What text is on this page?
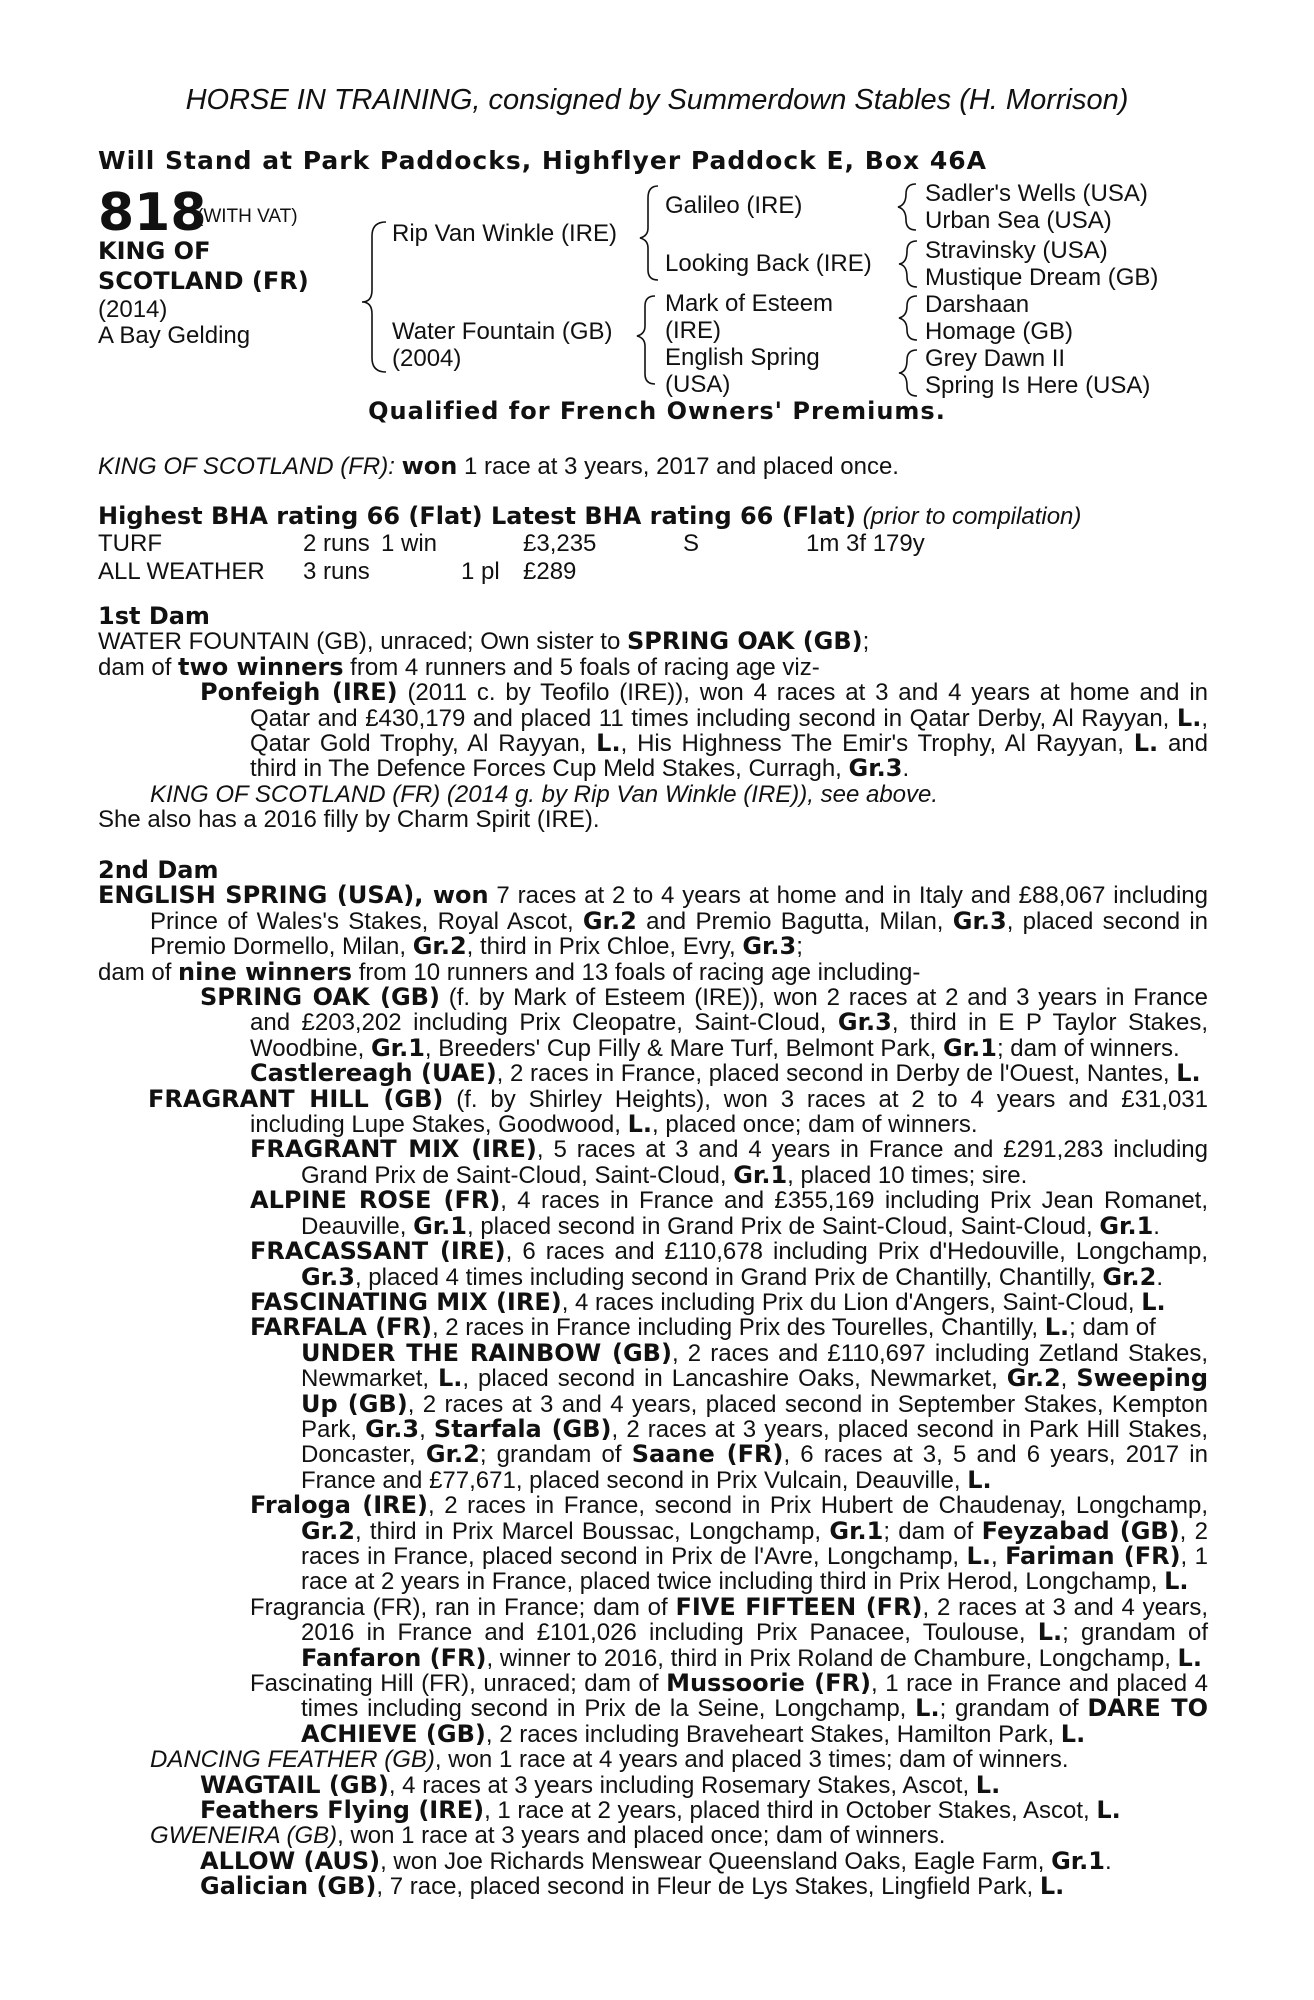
HORSE IN TRAINING, consigned by Summerdown Stables (H. Morrison)
Will Stand at Park Paddocks, Highflyer Paddock E, Box 46A
818
(WITH VAT)
KING OF
SCOTLAND (FR)
(2014)
A Bay Gelding
Rip Van Winkle (IRE)
Water Fountain (GB)
(2004)
Galileo (IRE)
Looking Back (IRE)
Mark of Esteem
(IRE)
English Spring
(USA)
Sadler's Wells (USA)
Urban Sea (USA)
Stravinsky (USA)
Mustique Dream (GB)
Darshaan
Homage (GB)
Grey Dawn II
Spring Is Here (USA)
Qualified for French Owners' Premiums.
KING OF SCOTLAND (FR): won 1 race at 3 years, 2017 and placed once.
Highest BHA rating 66 (Flat) Latest BHA rating 66 (Flat) (prior to compilation)
TURF	2 runs	1 win		£3,235	S	1m 3f 179y
ALL WEATHER	3 runs		1 pl	£289		
1st Dam

WATER FOUNTAIN (GB), unraced; Own sister to SPRING OAK (GB);

dam of two winners from 4 runners and 5 foals of racing age viz-

Ponfeigh (IRE) (2011 c. by Teofilo (IRE)), won 4 races at 3 and 4 years at home and in Qatar and £430,179 and placed 11 times including second in Qatar Derby, Al Rayyan, L., Qatar Gold Trophy, Al Rayyan, L., His Highness The Emir's Trophy, Al Rayyan, L. and third in The Defence Forces Cup Meld Stakes, Curragh, Gr.3.

KING OF SCOTLAND (FR) (2014 g. by Rip Van Winkle (IRE)), see above.

She also has a 2016 filly by Charm Spirit (IRE).

2nd Dam

ENGLISH SPRING (USA), won 7 races at 2 to 4 years at home and in Italy and £88,067 including Prince of Wales's Stakes, Royal Ascot, Gr.2 and Premio Bagutta, Milan, Gr.3, placed second in Premio Dormello, Milan, Gr.2, third in Prix Chloe, Evry, Gr.3;

dam of nine winners from 10 runners and 13 foals of racing age including-

SPRING OAK (GB) (f. by Mark of Esteem (IRE)), won 2 races at 2 and 3 years in France and £203,202 including Prix Cleopatre, Saint-Cloud, Gr.3, third in E P Taylor Stakes, Woodbine, Gr.1, Breeders' Cup Filly & Mare Turf, Belmont Park, Gr.1; dam of winners.

Castlereagh (UAE), 2 races in France, placed second in Derby de l'Ouest, Nantes, L.

FRAGRANT HILL (GB) (f. by Shirley Heights), won 3 races at 2 to 4 years and £31,031 including Lupe Stakes, Goodwood, L., placed once; dam of winners.

FRAGRANT MIX (IRE), 5 races at 3 and 4 years in France and £291,283 including Grand Prix de Saint-Cloud, Saint-Cloud, Gr.1, placed 10 times; sire.

ALPINE ROSE (FR), 4 races in France and £355,169 including Prix Jean Romanet, Deauville, Gr.1, placed second in Grand Prix de Saint-Cloud, Saint-Cloud, Gr.1.

FRACASSANT (IRE), 6 races and £110,678 including Prix d'Hedouville, Longchamp, Gr.3, placed 4 times including second in Grand Prix de Chantilly, Chantilly, Gr.2.

FASCINATING MIX (IRE), 4 races including Prix du Lion d'Angers, Saint-Cloud, L.

FARFALA (FR), 2 races in France including Prix des Tourelles, Chantilly, L.; dam of

UNDER THE RAINBOW (GB), 2 races and £110,697 including Zetland Stakes, Newmarket, L., placed second in Lancashire Oaks, Newmarket, Gr.2, Sweeping Up (GB), 2 races at 3 and 4 years, placed second in September Stakes, Kempton Park, Gr.3, Starfala (GB), 2 races at 3 years, placed second in Park Hill Stakes, Doncaster, Gr.2; grandam of Saane (FR), 6 races at 3, 5 and 6 years, 2017 in France and £77,671, placed second in Prix Vulcain, Deauville, L.

Fraloga (IRE), 2 races in France, second in Prix Hubert de Chaudenay, Longchamp, Gr.2, third in Prix Marcel Boussac, Longchamp, Gr.1; dam of Feyzabad (GB), 2 races in France, placed second in Prix de l'Avre, Longchamp, L., Fariman (FR), 1 race at 2 years in France, placed twice including third in Prix Herod, Longchamp, L.

Fragrancia (FR), ran in France; dam of FIVE FIFTEEN (FR), 2 races at 3 and 4 years, 2016 in France and £101,026 including Prix Panacee, Toulouse, L.; grandam of Fanfaron (FR), winner to 2016, third in Prix Roland de Chambure, Longchamp, L.

Fascinating Hill (FR), unraced; dam of Mussoorie (FR), 1 race in France and placed 4 times including second in Prix de la Seine, Longchamp, L.; grandam of DARE TO ACHIEVE (GB), 2 races including Braveheart Stakes, Hamilton Park, L.

DANCING FEATHER (GB), won 1 race at 4 years and placed 3 times; dam of winners.

WAGTAIL (GB), 4 races at 3 years including Rosemary Stakes, Ascot, L.

Feathers Flying (IRE), 1 race at 2 years, placed third in October Stakes, Ascot, L.

GWENEIRA (GB), won 1 race at 3 years and placed once; dam of winners.

ALLOW (AUS), won Joe Richards Menswear Queensland Oaks, Eagle Farm, Gr.1.

Galician (GB), 7 race, placed second in Fleur de Lys Stakes, Lingfield Park, L.
